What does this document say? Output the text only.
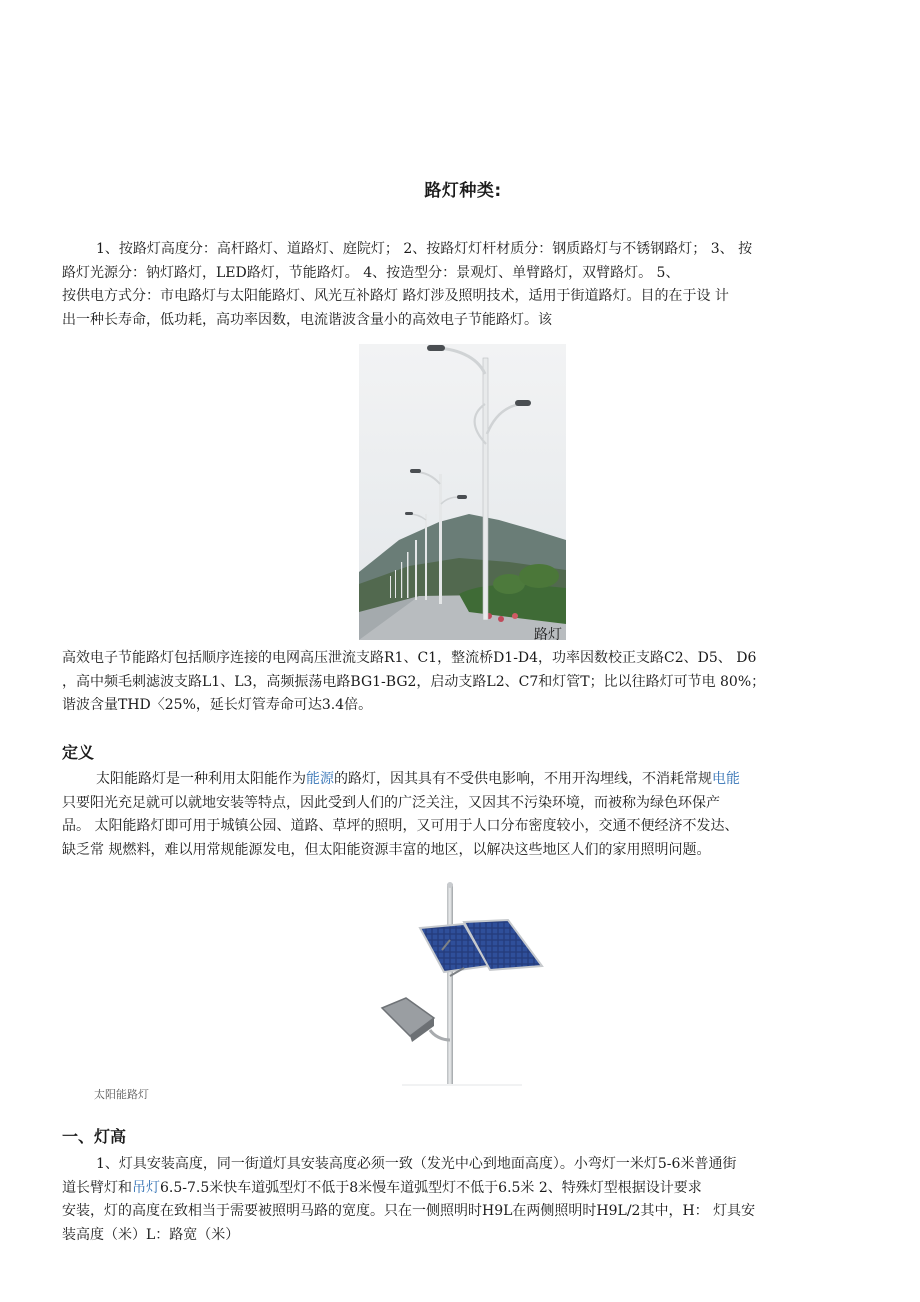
路灯种类:
1、按路灯高度分：高杆路灯、道路灯、庭院灯； 2、按路灯灯杆材质分：钢质路灯与不锈钢路灯； 3、 按
路灯光源分：钠灯路灯，LED路灯，节能路灯。 4、按造型分：景观灯、单臂路灯，双臂路灯。 5、
按供电方式分：市电路灯与太阳能路灯、风光互补路灯 路灯涉及照明技术，适用于街道路灯。目的在于设 计
出一种长寿命，低功耗，高功率因数，电流谐波含量小的高效电子节能路灯。该
路灯
高效电子节能路灯包括顺序连接的电网高压泄流支路R1、C1，整流桥D1-D4，功率因数校正支路C2、D5、 D6
，高中频毛刺滤波支路L1、L3，高频振荡电路BG1-BG2，启动支路L2、C7和灯管T；比以往路灯可节电 80%；
谐波含量THD〈25%，延长灯管寿命可达3.4倍。
定义
太阳能路灯是一种利用太阳能作为能源的路灯，因其具有不受供电影响，不用开沟埋线，不消耗常规电能
只要阳光充足就可以就地安装等特点，因此受到人们的广泛关注，又因其不污染环境，而被称为绿色环保产
品。 太阳能路灯即可用于城镇公园、道路、草坪的照明，又可用于人口分布密度较小，交通不便经济不发达、
缺乏常 规燃料，难以用常规能源发电，但太阳能资源丰富的地区，以解决这些地区人们的家用照明问题。
太阳能路灯
一、灯高
1、灯具安装高度，同一街道灯具安装高度必须一致（发光中心到地面高度）。小弯灯一米灯5-6米普通街
道长臂灯和吊灯6.5-7.5米快车道弧型灯不低于8米慢车道弧型灯不低于6.5米 2、特殊灯型根据设计要求
安装，灯的高度在致相当于需要被照明马路的宽度。只在一侧照明时H9L在两侧照明时H9L/2其中，H： 灯具安
装高度（米）L：路宽（米）
